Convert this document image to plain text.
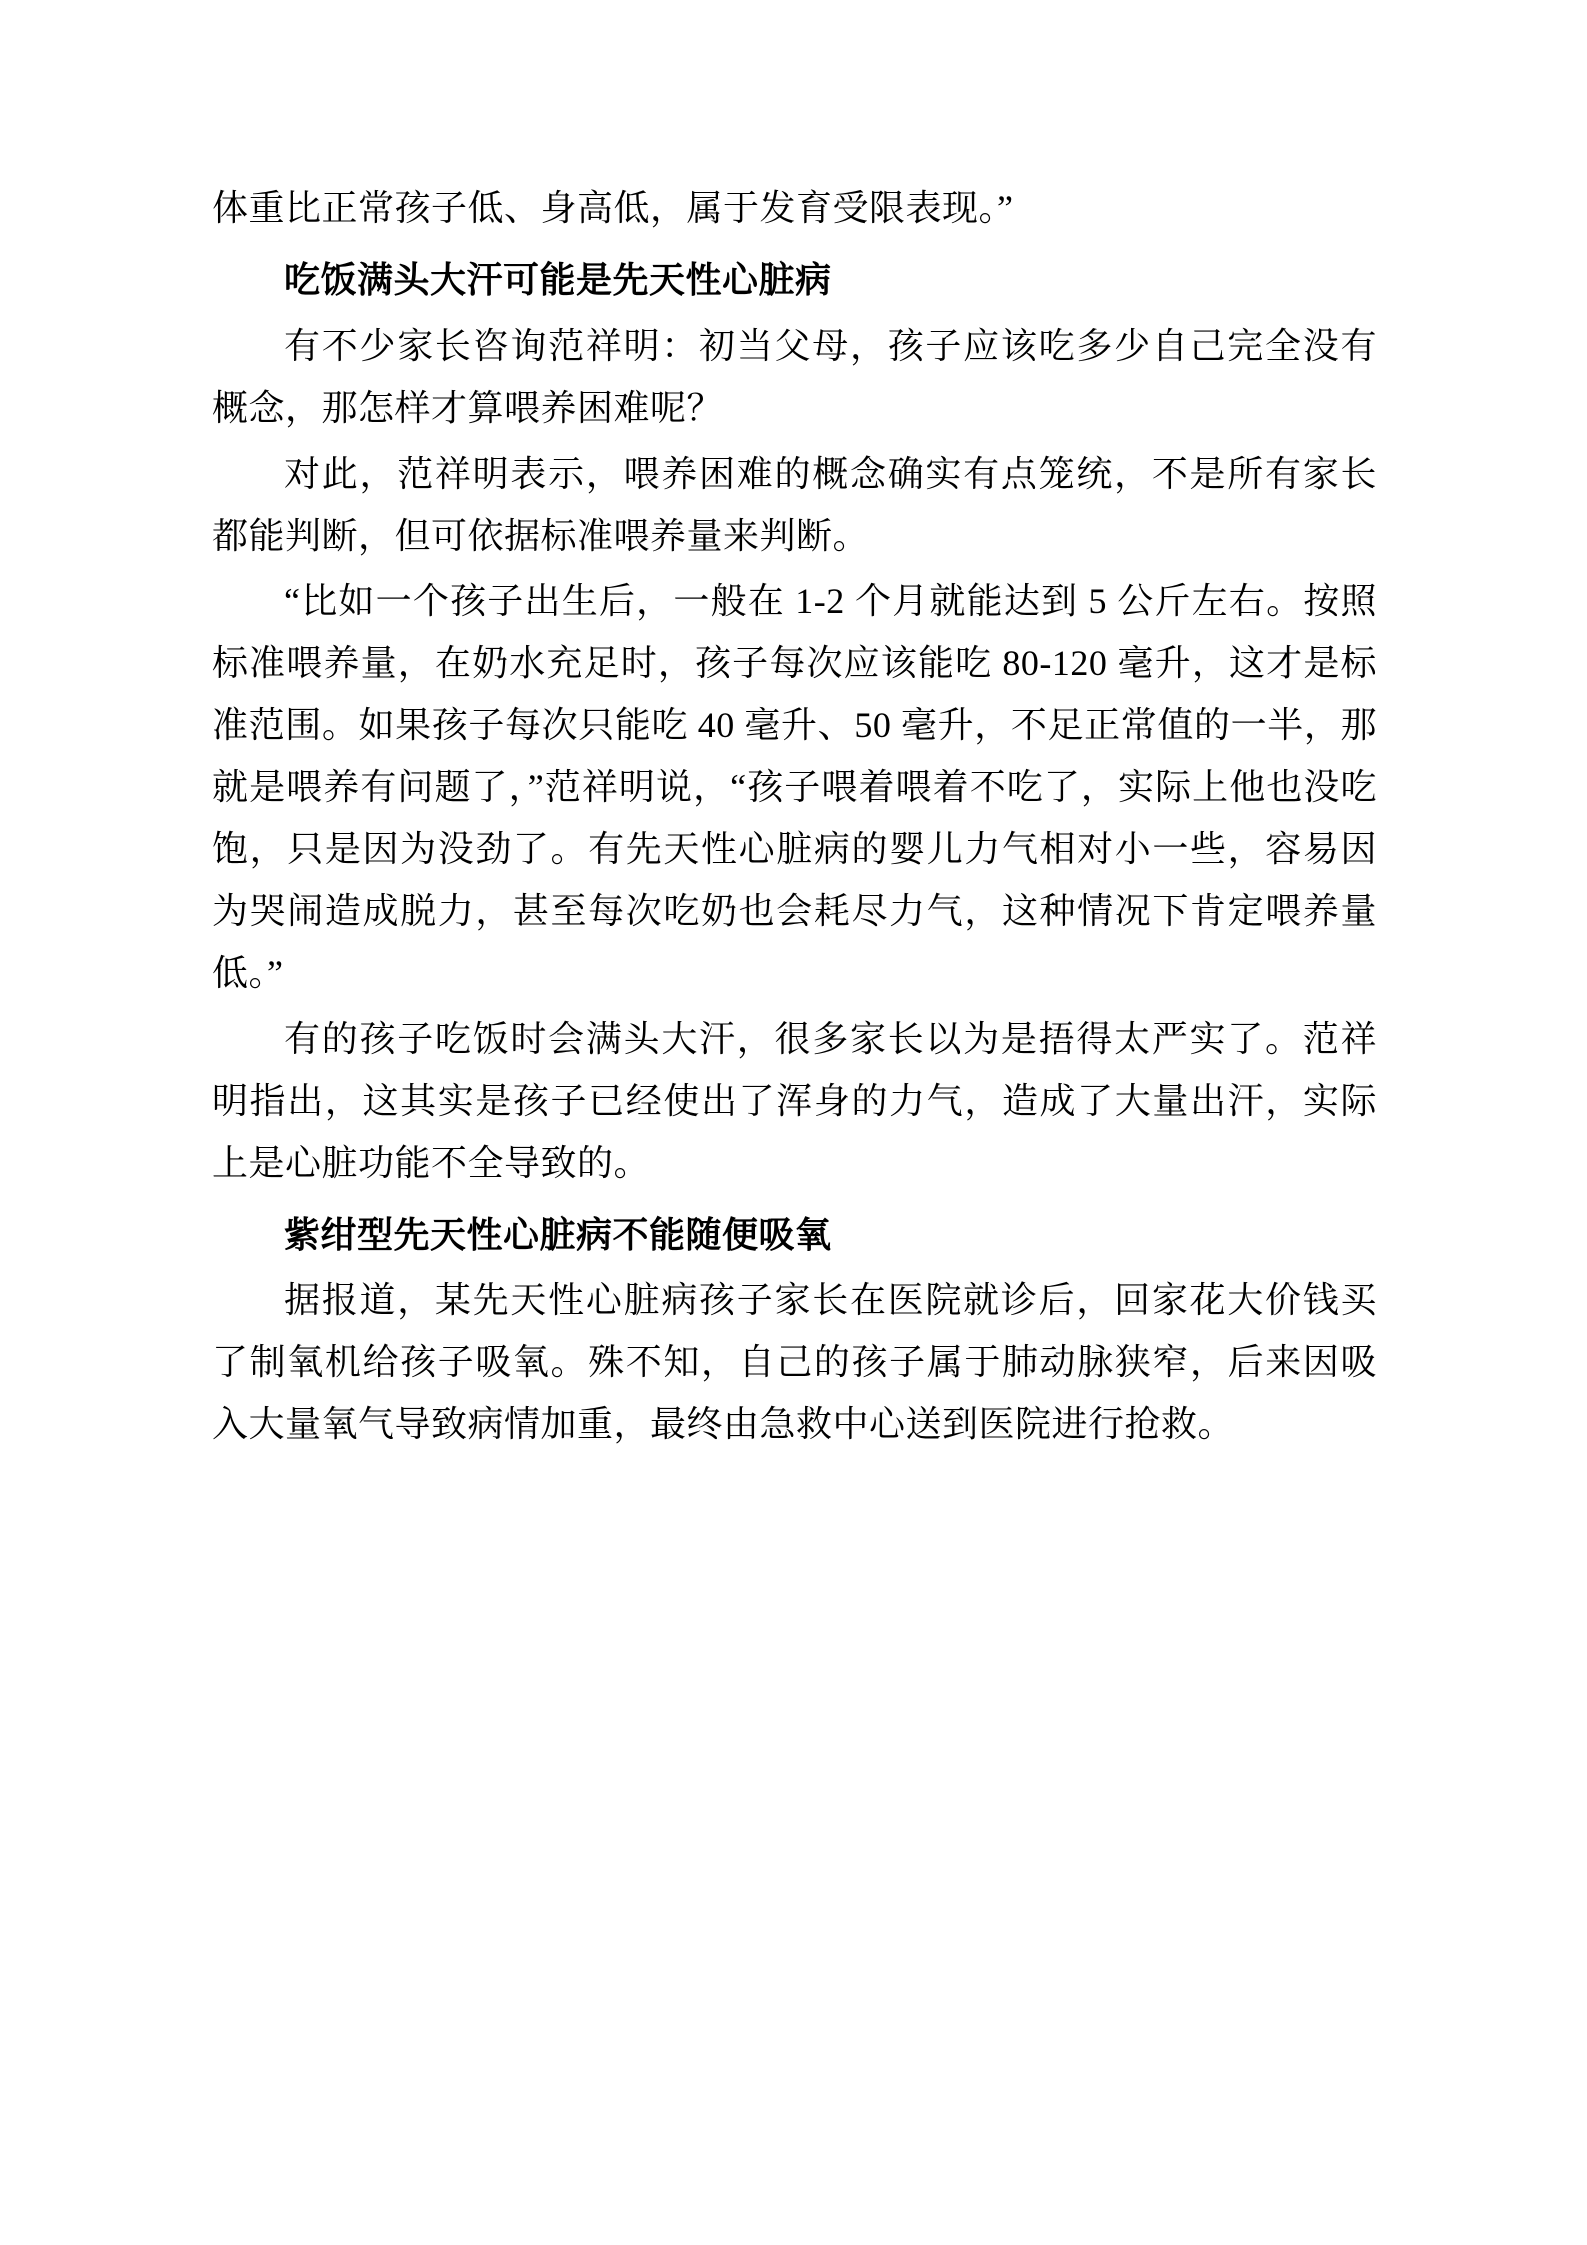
体重比正常孩子低、身高低，属于发育受限表现。”

吃饭满头大汗可能是先天性心脏病

有不少家长咨询范祥明：初当父母，孩子应该吃多少自己完全没有概念，那怎样才算喂养困难呢？

对此，范祥明表示，喂养困难的概念确实有点笼统，不是所有家长都能判断，但可依据标准喂养量来判断。

“比如一个孩子出生后，一般在 1-2 个月就能达到 5 公斤左右。按照标准喂养量，在奶水充足时，孩子每次应该能吃 80-120 毫升，这才是标准范围。如果孩子每次只能吃 40 毫升、50 毫升，不足正常值的一半，那就是喂养有问题了，”范祥明说，“孩子喂着喂着不吃了，实际上他也没吃饱，只是因为没劲了。有先天性心脏病的婴儿力气相对小一些，容易因为哭闹造成脱力，甚至每次吃奶也会耗尽力气，这种情况下肯定喂养量低。”

有的孩子吃饭时会满头大汗，很多家长以为是捂得太严实了。范祥明指出，这其实是孩子已经使出了浑身的力气，造成了大量出汗，实际上是心脏功能不全导致的。

紫绀型先天性心脏病不能随便吸氧

据报道，某先天性心脏病孩子家长在医院就诊后，回家花大价钱买了制氧机给孩子吸氧。殊不知，自己的孩子属于肺动脉狭窄，后来因吸入大量氧气导致病情加重，最终由急救中心送到医院进行抢救。
